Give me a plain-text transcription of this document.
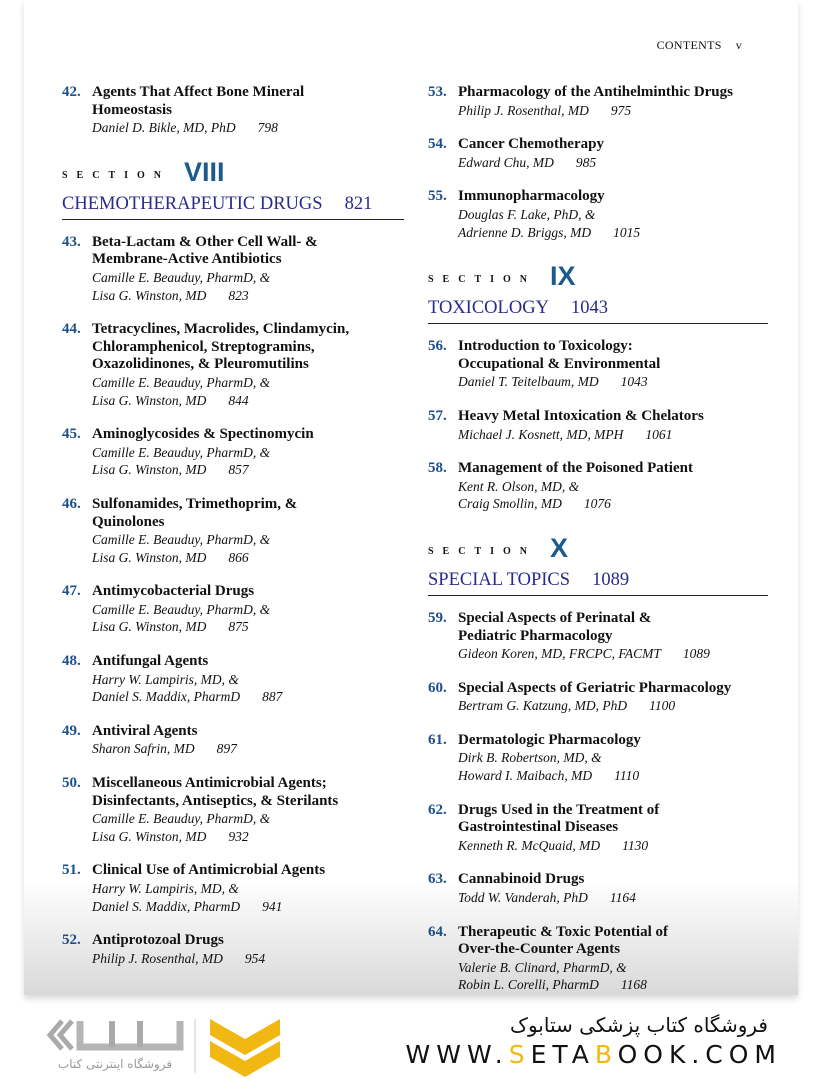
CONTENTS v
42. Agents That Affect Bone Mineral
Homeostasis
Daniel D. Bikle, MD, PhD 798
SECTION VIII
CHEMOTHERAPEUTIC DRUGS 821
43. Beta-Lactam & Other Cell Wall- &
Membrane-Active Antibiotics
Camille E. Beauduy, PharmD, &
Lisa G. Winston, MD 823
44. Tetracyclines, Macrolides, Clindamycin,
Chloramphenicol, Streptogramins,
Oxazolidinones, & Pleuromutilins
Camille E. Beauduy, PharmD, &
Lisa G. Winston, MD 844
45. Aminoglycosides & Spectinomycin
Camille E. Beauduy, PharmD, &
Lisa G. Winston, MD 857
46. Sulfonamides, Trimethoprim, &
Quinolones
Camille E. Beauduy, PharmD, &
Lisa G. Winston, MD 866
47. Antimycobacterial Drugs
Camille E. Beauduy, PharmD, &
Lisa G. Winston, MD 875
48. Antifungal Agents
Harry W. Lampiris, MD, &
Daniel S. Maddix, PharmD 887
49. Antiviral Agents
Sharon Safrin, MD 897
50. Miscellaneous Antimicrobial Agents;
Disinfectants, Antiseptics, & Sterilants
Camille E. Beauduy, PharmD, &
Lisa G. Winston, MD 932
51. Clinical Use of Antimicrobial Agents
Harry W. Lampiris, MD, &
Daniel S. Maddix, PharmD 941
52. Antiprotozoal Drugs
Philip J. Rosenthal, MD 954
53. Pharmacology of the Antihelminthic Drugs
Philip J. Rosenthal, MD 975
54. Cancer Chemotherapy
Edward Chu, MD 985
55. Immunopharmacology
Douglas F. Lake, PhD, &
Adrienne D. Briggs, MD 1015
SECTION IX
TOXICOLOGY 1043
56. Introduction to Toxicology:
Occupational & Environmental
Daniel T. Teitelbaum, MD 1043
57. Heavy Metal Intoxication & Chelators
Michael J. Kosnett, MD, MPH 1061
58. Management of the Poisoned Patient
Kent R. Olson, MD, &
Craig Smollin, MD 1076
SECTION X
SPECIAL TOPICS 1089
59. Special Aspects of Perinatal &
Pediatric Pharmacology
Gideon Koren, MD, FRCPC, FACMT 1089
60. Special Aspects of Geriatric Pharmacology
Bertram G. Katzung, MD, PhD 1100
61. Dermatologic Pharmacology
Dirk B. Robertson, MD, &
Howard I. Maibach, MD 1110
62. Drugs Used in the Treatment of
Gastrointestinal Diseases
Kenneth R. McQuaid, MD 1130
63. Cannabinoid Drugs
Todd W. Vanderah, PhD 1164
64. Therapeutic & Toxic Potential of
Over-the-Counter Agents
Valerie B. Clinard, PharmD, &
Robin L. Corelli, PharmD 1168
فروشگاه اینترنتی کتاب
فروشگاه کتاب پزشکی ستابوک
WWW.SETABOOK.COM
